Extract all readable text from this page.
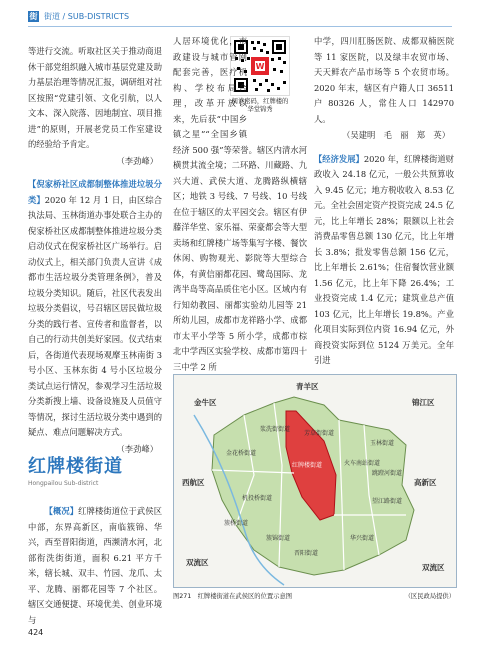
街 街道 / SUB-DISTRICTS

等进行交流。听取社区关于推动商退休干部党组织融入城市基层党建及助力基层治理等情况汇报，调研组对社区按照“党建引领、文化引航，以人文本、深入院落、因地制宜、项目推进”的原则，开展老党员工作室建设的经验给予肯定。

（李劲峰）

【倪家桥社区成都制整体推进垃圾分类】2020 年 12 月 1 日，由区综合执法局、玉林街道办事处联合主办的倪家桥社区成都制整体推进垃圾分类启动仪式在倪家桥社区广场举行。启动仪式上，相关部门负责人宣讲《成都市生活垃圾分类管理条例》，普及垃圾分类知识。随后，社区代表发出垃圾分类倡议，号召辖区居民做垃圾分类的践行者、宣传者和监督者，以自己的行动共创美好家园。仪式结束后，各街道代表现场观摩玉林南街 3 号小区、玉林东街 4 号小区垃圾分类试点运行情况，参观学习生活垃圾分类新搜上墙、设备设施及人员值守等情况，探讨生活垃圾分类中遇到的疑点、难点问题解决方式。

（李劲峰）
红牌楼街道
Hongpailou Sub-district

【概况】红牌楼街道位于武侯区中部，东界高新区，南临簇锦、华兴，西至晋阳街道，西濒清水河，北部衔洗街街道，面积 6.21 平方千米，辖长城、双丰、竹园、龙爪、太平、龙腾、丽都花园等 7 个社区。辖区交通便捷、环境优美、创业环境与

W
阅读密码，红牌楼的华堂锦秀

人居环境优化，市政建设与城市管网配套完善，医疗机构、学校布局合理，改革开放以来，先后获“中国乡镇之星”“全国乡镇经济 500 强”等荣誉。辖区内清水河横贯其流全境；二环路、川藏路、九兴大道、武侯大道、龙腾路纵横辖区；地铁 3 号线、7 号线、10 号线在位于辖区的太平园交会。辖区有伊藤洋华堂、家乐福、荣豪都会等大型卖场和红牌楼广场等集写字楼、餐饮休闲、购物观光、影院等大型综合体，有黄信丽都花园、鹭岛国际、龙湾半岛等高品质住宅小区。区域内有行知幼教园、丽都实验幼儿园等 21 所幼儿园，成都市龙祥路小学、成都市太平小学等 5 所小学，成都市棕北中学西区实验学校、成都市第四十三中学 2 所

中学，四川肛肠医院、成都双楠医院等 11 家医院，以及绿丰农贸市场、天天鲜农产品市场等 5 个农贸市场。2020 年末，辖区有户籍人口 36511 户 80326 人，常住人口 142970 人。

（吴建明　毛　丽　郑　英）

【经济发展】2020 年，红牌楼街道财政收入 24.18 亿元，一般公共预算收入 9.45 亿元；地方税收收入 8.53 亿元。全社会固定资产投资完成 24.5 亿元，比上年增长 28%；限额以上社会消费品零售总额 130 亿元，比上年增长 3.8%；批发零售总额 156 亿元，比上年增长 2.61%；住宿餐饮营业额 1.56 亿元，比上年下降 26.4%；工业投资完成 1.4 亿元；建筑业总产值 103 亿元，比上年增长 19.8%。产业化项目实际到位内资 16.94 亿元，外商投资实际到位 5124 万美元。全年引进

青羊区
金牛区	锦江区
高新区
双流区
西航区
双流区
金花桥街道
机投桥街道
簇锦街道
红牌楼街道	火车南站街道
晋阳街道
玉林街道
浆洗街街道
跳蹬河街道
华兴街道
望江路街道
芳草街街道
簇桥街道
图271　红牌楼街道在武侯区的位置示意图	（区民政局提供）
424
